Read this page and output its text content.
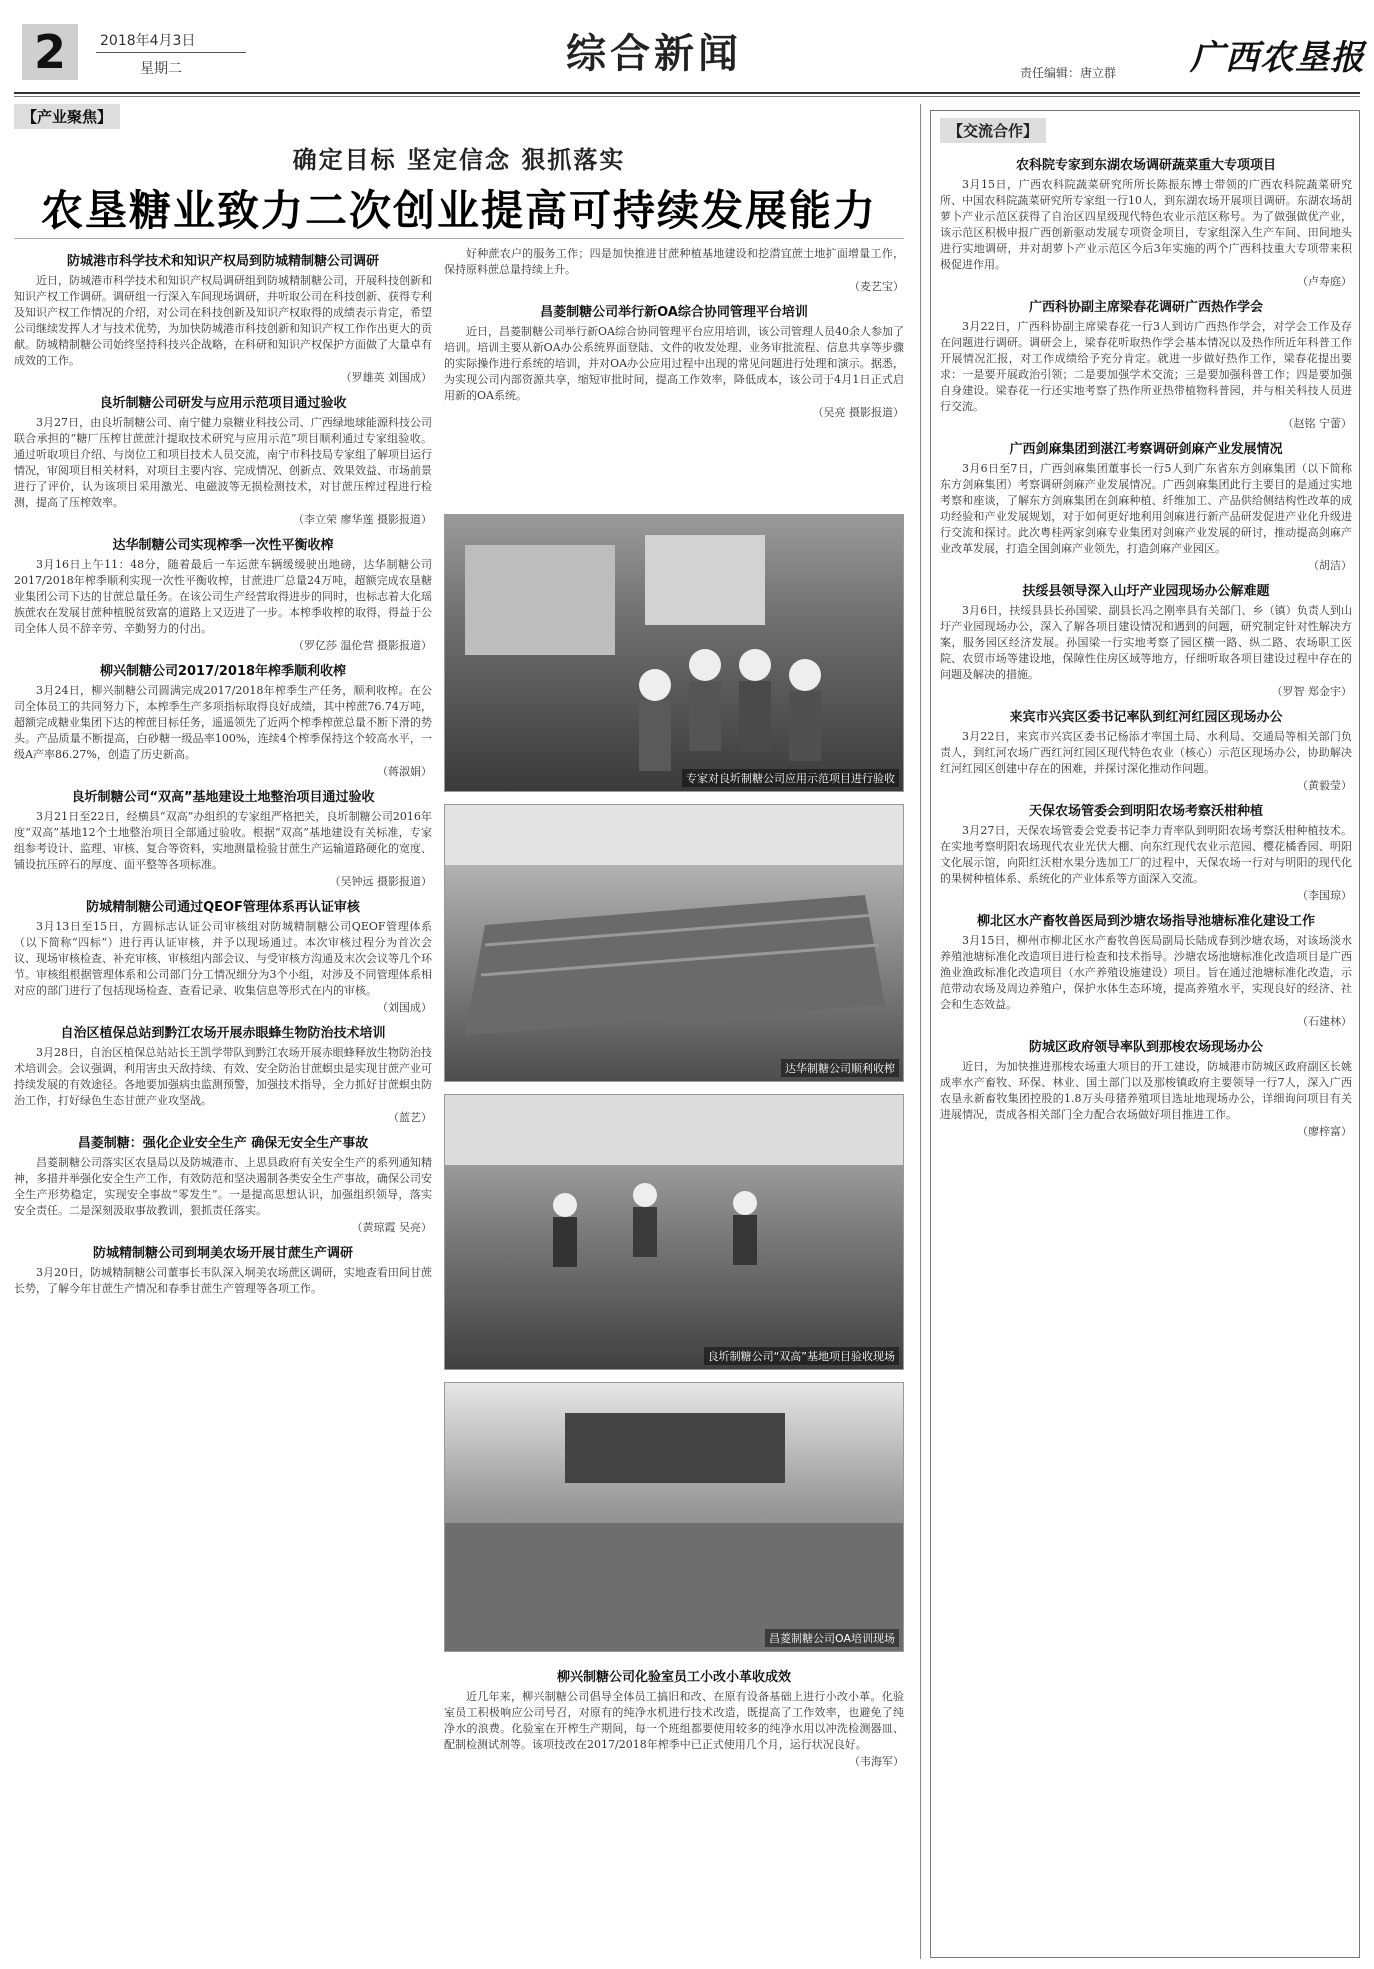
2	2018年4月3日
星期二	综合新闻	责任编辑：唐立群 广西农垦报
【产业聚焦】
确定目标 坚定信念 狠抓落实
农垦糖业致力二次创业提高可持续发展能力
防城港市科学技术和知识产权局到防城精制糖公司调研

近日，防城港市科学技术和知识产权局调研组到防城精制糖公司，开展科技创新和知识产权工作调研。调研组一行深入车间现场调研，并听取公司在科技创新、获得专利及知识产权工作情况的介绍，对公司在科技创新及知识产权取得的成绩表示肯定，希望公司继续发挥人才与技术优势，为加快防城港市科技创新和知识产权工作作出更大的贡献。防城精制糖公司始终坚持科技兴企战略，在科研和知识产权保护方面做了大量卓有成效的工作。

（罗雄英 刘国成）
良圻制糖公司研发与应用示范项目通过验收

3月27日，由良圻制糖公司、南宁健力泉糖业科技公司、广西绿地球能源科技公司联合承担的“糖厂压榨甘蔗蔗汁提取技术研究与应用示范”项目顺利通过专家组验收。通过听取项目介绍、与岗位工和项目技术人员交流，南宁市科技局专家组了解项目运行情况，审阅项目相关材料，对项目主要内容、完成情况、创新点、效果效益、市场前景进行了评价，认为该项目采用激光、电磁波等无损检测技术，对甘蔗压榨过程进行检测，提高了压榨效率。

（李立荣 廖华莲 摄影报道）
达华制糖公司实现榨季一次性平衡收榨

3月16日上午11：48分，随着最后一车运蔗车辆缓缓驶出地磅，达华制糖公司2017/2018年榨季顺利实现一次性平衡收榨，甘蔗进厂总量24万吨，超额完成农垦糖业集团公司下达的甘蔗总量任务。在该公司生产经营取得进步的同时，也标志着大化瑶族蔗农在发展甘蔗种植脱贫致富的道路上又迈进了一步。本榨季收榨的取得，得益于公司全体人员不辞辛劳、辛勤努力的付出。

（罗亿莎 温伦营 摄影报道）
柳兴制糖公司2017/2018年榨季顺利收榨

3月24日，柳兴制糖公司圆满完成2017/2018年榨季生产任务，顺利收榨。在公司全体员工的共同努力下，本榨季生产多项指标取得良好成绩，其中榨蔗76.74万吨，超额完成糖业集团下达的榨蔗目标任务，遥遥领先了近两个榨季榨蔗总量不断下滑的势头。产品质量不断提高，白砂糖一级品率100%，连续4个榨季保持这个较高水平，一级A产率86.27%，创造了历史新高。

（蒋淑娟）
良圻制糖公司“双高”基地建设土地整治项目通过验收

3月21日至22日，经横县“双高”办组织的专家组严格把关，良圻制糖公司2016年度“双高”基地12个土地整治项目全部通过验收。根据“双高”基地建设有关标准，专家组参考设计、监理、审核、复合等资料，实地测量检验甘蔗生产运输道路硬化的宽度、铺设抗压碎石的厚度、面平整等各项标准。

（吴钟远 摄影报道）
防城精制糖公司通过QEOF管理体系再认证审核

3月13日至15日，方圆标志认证公司审核组对防城精制糖公司QEOF管理体系（以下简称“四标”）进行再认证审核，并予以现场通过。本次审核过程分为首次会议、现场审核检查、补充审核、审核组内部会议、与受审核方沟通及末次会议等几个环节。审核组根据管理体系和公司部门分工情况细分为3个小组，对涉及不同管理体系相对应的部门进行了包括现场检查、查看记录、收集信息等形式在内的审核。

（刘国成）
自治区植保总站到黔江农场开展赤眼蜂生物防治技术培训

3月28日，自治区植保总站站长王凯学带队到黔江农场开展赤眼蜂释放生物防治技术培训会。会议强调，利用害虫天敌持续、有效、安全防治甘蔗螟虫是实现甘蔗产业可持续发展的有效途径。各地要加强病虫监测预警，加强技术指导，全力抓好甘蔗螟虫防治工作，打好绿色生态甘蔗产业攻坚战。

（蓝艺）
昌菱制糖：强化企业安全生产 确保无安全生产事故

昌菱制糖公司落实区农垦局以及防城港市、上思县政府有关安全生产的系列通知精神，多措并举强化安全生产工作，有效防范和坚决遏制各类安全生产事故，确保公司安全生产形势稳定，实现安全事故“零发生”。一是提高思想认识，加强组织领导，落实安全责任。二是深刻汲取事故教训，狠抓责任落实。

（黄琼霞 吴亮）
防城精制糖公司到垌美农场开展甘蔗生产调研

3月20日，防城精制糖公司董事长韦队深入垌美农场蔗区调研，实地查看田间甘蔗长势，了解今年甘蔗生产情况和春季甘蔗生产管理等各项工作。

好种蔗农户的服务工作；四是加快推进甘蔗种植基地建设和挖潜宜蔗土地扩面增量工作，保持原料蔗总量持续上升。

（麦艺宝）
昌菱制糖公司举行新OA综合协同管理平台培训

近日，昌菱制糖公司举行新OA综合协同管理平台应用培训，该公司管理人员40余人参加了培训。培训主要从新OA办公系统界面登陆、文件的收发处理、业务审批流程、信息共享等步骤的实际操作进行系统的培训，并对OA办公应用过程中出现的常见问题进行处理和演示。据悉，为实现公司内部资源共享，缩短审批时间，提高工作效率，降低成本，该公司于4月1日正式启用新的OA系统。

（吴亮 摄影报道）
专家对良圻制糖公司应用示范项目进行验收
达华制糖公司顺利收榨
良圻制糖公司“双高”基地项目验收现场
昌菱制糖公司OA培训现场
柳兴制糖公司化验室员工小改小革收成效

近几年来，柳兴制糖公司倡导全体员工搞旧和改、在原有设备基础上进行小改小革。化验室员工积极响应公司号召，对原有的纯净水机进行技术改造，既提高了工作效率，也避免了纯净水的浪费。化验室在开榨生产期间，每一个班组都要使用较多的纯净水用以冲洗检测器皿、配制检测试剂等。该项技改在2017/2018年榨季中已正式使用几个月，运行状况良好。

（韦海军）
【交流合作】
农科院专家到东湖农场调研蔬菜重大专项项目

3月15日，广西农科院蔬菜研究所所长陈振东博士带领的广西农科院蔬菜研究所、中国农科院蔬菜研究所专家组一行10人，到东湖农场开展项目调研。东湖农场胡萝卜产业示范区获得了自治区四星级现代特色农业示范区称号。为了做强做优产业，该示范区积极申报广西创新驱动发展专项资金项目，专家组深入生产车间、田间地头进行实地调研，并对胡萝卜产业示范区今后3年实施的两个广西科技重大专项带来积极促进作用。

（卢寿庭）
广西科协副主席梁春花调研广西热作学会

3月22日，广西科协副主席梁春花一行3人到访广西热作学会，对学会工作及存在问题进行调研。调研会上，梁春花听取热作学会基本情况以及热作所近年科普工作开展情况汇报，对工作成绩给予充分肯定。就进一步做好热作工作，梁春花提出要求：一是要开展政治引领；二是要加强学术交流；三是要加强科普工作；四是要加强自身建设。梁春花一行还实地考察了热作所亚热带植物科普园，并与相关科技人员进行交流。

（赵铭 宁蕾）
广西剑麻集团到湛江考察调研剑麻产业发展情况

3月6日至7日，广西剑麻集团董事长一行5人到广东省东方剑麻集团（以下简称东方剑麻集团）考察调研剑麻产业发展情况。广西剑麻集团此行主要目的是通过实地考察和座谈，了解东方剑麻集团在剑麻种植、纤维加工、产品供给侧结构性改革的成功经验和产业发展规划，对于如何更好地利用剑麻进行新产品研发促进产业化升级进行交流和探讨。此次粤桂两家剑麻专业集团对剑麻产业发展的研讨，推动提高剑麻产业改革发展，打造全国剑麻产业领先，打造剑麻产业园区。

（胡洁）
扶绥县领导深入山圩产业园现场办公解难题

3月6日，扶绥县县长孙国梁、副县长冯之刚率县有关部门、乡（镇）负责人到山圩产业园现场办公，深入了解各项目建设情况和遇到的问题，研究制定针对性解决方案，服务园区经济发展。孙国梁一行实地考察了园区横一路、纵二路、农场职工医院、农贸市场等建设地，保障性住房区域等地方，仔细听取各项目建设过程中存在的问题及解决的措施。

（罗智 郑金宇）
来宾市兴宾区委书记率队到红河红园区现场办公

3月22日，来宾市兴宾区委书记杨添才率国土局、水利局、交通局等相关部门负责人，到红河农场广西红河红园区现代特色农业（核心）示范区现场办公，协助解决红河红园区创建中存在的困难，并探讨深化推动作问题。

（黄毅莹）
天保农场管委会到明阳农场考察沃柑种植

3月27日，天保农场管委会党委书记李力青率队到明阳农场考察沃柑种植技术。在实地考察明阳农场现代农业光伏大棚、向东红现代农业示范园、樱花橘香园、明阳文化展示馆，向阳红沃柑水果分选加工厂的过程中，天保农场一行对与明阳的现代化的果树种植体系、系统化的产业体系等方面深入交流。

（李国琼）
柳北区水产畜牧兽医局到沙塘农场指导池塘标准化建设工作

3月15日，柳州市柳北区水产畜牧兽医局副局长陆成春到沙塘农场，对该场淡水养殖池塘标准化改造项目进行检查和技术指导。沙塘农场池塘标准化改造项目是广西渔业渔政标准化改造项目（水产养殖设施建设）项目。旨在通过池塘标准化改造，示范带动农场及周边养殖户，保护水体生态环境，提高养殖水平，实现良好的经济、社会和生态效益。

（石建林）
防城区政府领导率队到那梭农场现场办公

近日，为加快推进那梭农场重大项目的开工建设，防城港市防城区政府副区长姚成率水产畜牧、环保、林业、国土部门以及那梭镇政府主要领导一行7人，深入广西农垦永新畜牧集团控股的1.8万头母猪养殖项目选址地现场办公，详细询问项目有关进展情况，责成各相关部门全力配合农场做好项目推进工作。

（廖梓富）
